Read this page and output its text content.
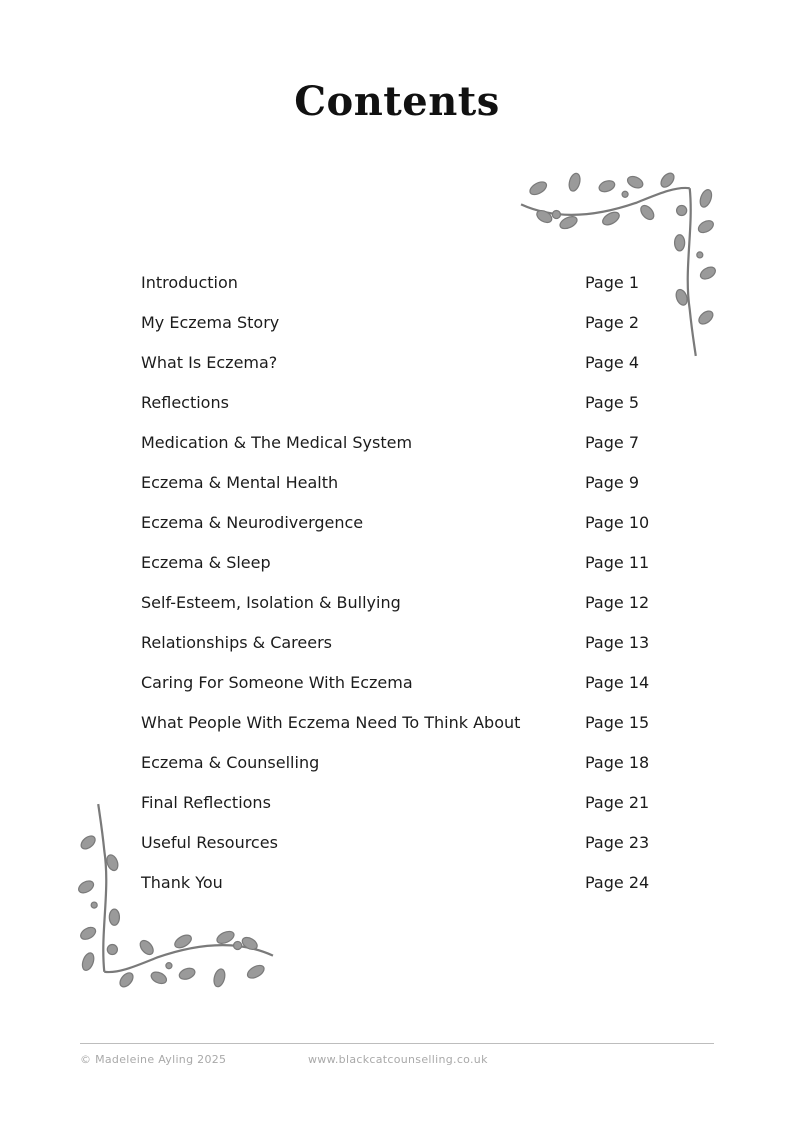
Contents
Introduction	Page 1
My Eczema Story	Page 2
What Is Eczema?	Page 4
Reflections	Page 5
Medication & The Medical System	Page 7
Eczema & Mental Health	Page 9
Eczema & Neurodivergence	Page 10
Eczema & Sleep	Page 11
Self-Esteem, Isolation & Bullying	Page 12
Relationships & Careers	Page 13
Caring For Someone With Eczema	Page 14
What People With Eczema Need To Think About	Page 15
Eczema & Counselling	Page 18
Final Reflections	Page 21
Useful Resources	Page 23
Thank You	Page 24
© Madeleine Ayling 2025	www.blackcatcounselling.co.uk
